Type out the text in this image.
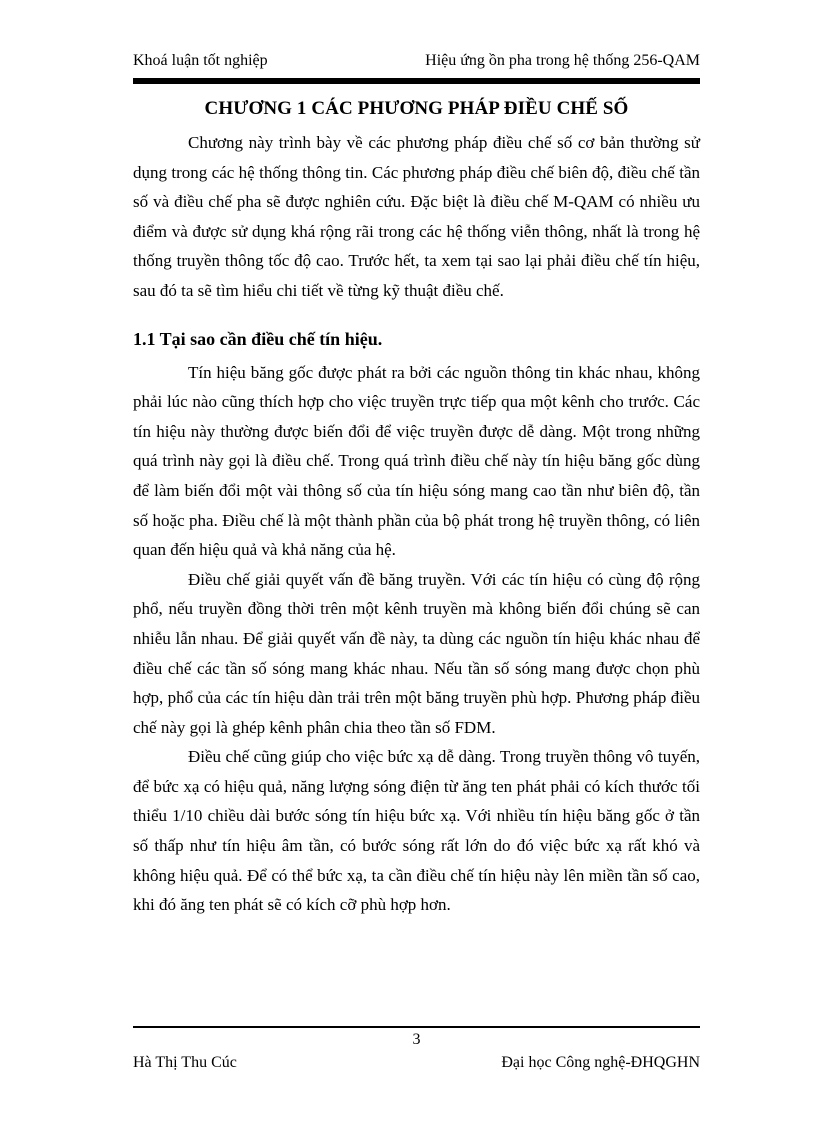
Khoá luận tốt nghiệp	Hiệu ứng ồn pha trong hệ thống 256-QAM
CHƯƠNG 1 CÁC PHƯƠNG PHÁP ĐIỀU CHẾ SỐ

Chương này trình bày về các phương pháp điều chế số cơ bản thường sử dụng trong các hệ thống thông tin. Các phương pháp điều chế biên độ, điều chế tần số và điều chế pha sẽ được nghiên cứu. Đặc biệt là điều chế M-QAM có nhiều ưu điểm và được sử dụng khá rộng rãi trong các hệ thống viễn thông, nhất là trong hệ thống truyền thông tốc độ cao. Trước hết, ta xem tại sao lại phải điều chế tín hiệu, sau đó ta sẽ tìm hiểu chi tiết về từng kỹ thuật điều chế.

1.1 Tại sao cần điều chế tín hiệu.

Tín hiệu băng gốc được phát ra bởi các nguồn thông tin khác nhau, không phải lúc nào cũng thích hợp cho việc truyền trực tiếp qua một kênh cho trước. Các tín hiệu này thường được biến đổi để việc truyền được dễ dàng. Một trong những quá trình này gọi là điều chế. Trong quá trình điều chế này tín hiệu băng gốc dùng để làm biến đổi một vài thông số của tín hiệu sóng mang cao tần như biên độ, tần số hoặc pha. Điều chế là một thành phần của bộ phát trong hệ truyền thông, có liên quan đến hiệu quả và khả năng của hệ.

Điều chế giải quyết vấn đề băng truyền. Với các tín hiệu có cùng độ rộng phổ, nếu truyền đồng thời trên một kênh truyền mà không biến đổi chúng sẽ can nhiễu lẫn nhau. Để giải quyết vấn đề này, ta dùng các nguồn tín hiệu khác nhau để điều chế các tần số sóng mang khác nhau. Nếu tần số sóng mang được chọn phù hợp, phổ của các tín hiệu dàn trải trên một băng truyền phù hợp. Phương pháp điều chế này gọi là ghép kênh phân chia theo tần số FDM.

Điều chế cũng giúp cho việc bức xạ dễ dàng. Trong truyền thông vô tuyến, để bức xạ có hiệu quả, năng lượng sóng điện từ ăng ten phát phải có kích thước tối thiểu 1/10 chiều dài bước sóng tín hiệu bức xạ. Với nhiều tín hiệu băng gốc ở tần số thấp như tín hiệu âm tần, có bước sóng rất lớn do đó việc bức xạ rất khó và không hiệu quả. Để có thể bức xạ, ta cần điều chế tín hiệu này lên miền tần số cao, khi đó ăng ten phát sẽ có kích cỡ phù hợp hơn.

3
Hà Thị Thu Cúc	Đại học Công nghệ-ĐHQGHN
